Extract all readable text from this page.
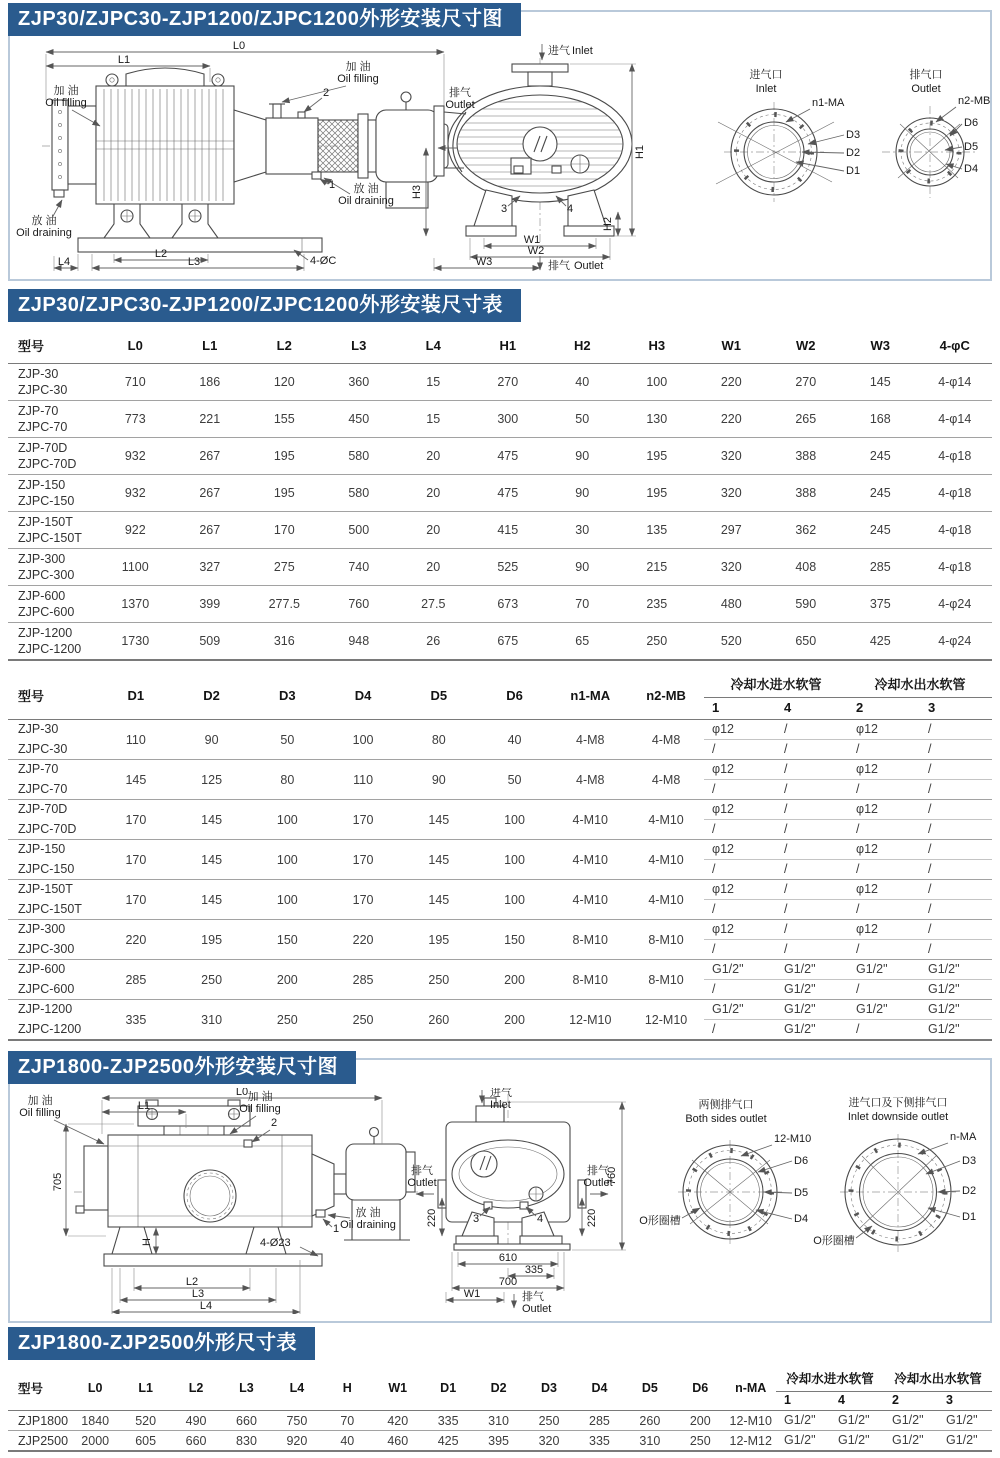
ZJP30/ZJPC30-ZJP1200/ZJPC1200外形安装尺寸图
L0
L1
加 油
Oil filling
加 油
Oil filling
2
放 油
Oil draining
放 油
Oil draining
1
L2
L3
L4	4-ØC
进气 Inlet
排气
Outlet
H3
H1
H2
3	4
W1
W2
W3	排气 Outlet
进气口
Inlet
n1-MA
D3
D2
D1
排气口
Outlet
n2-MB
D6
D5
D4
ZJP30/ZJPC30-ZJP1200/ZJPC1200外形安装尺寸表
型号	L0	L1	L2	L3	L4	H1	H2	H3	W1	W2	W3	4-φC

ZJP-30
ZJPC-30	710	186	120	360	15	270	40	100	220	270	145	4-φ14

ZJP-70
ZJPC-70	773	221	155	450	15	300	50	130	220	265	168	4-φ14

ZJP-70D
ZJPC-70D	932	267	195	580	20	475	90	195	320	388	245	4-φ18

ZJP-150
ZJPC-150	932	267	195	580	20	475	90	195	320	388	245	4-φ18

ZJP-150T
ZJPC-150T	922	267	170	500	20	415	30	135	297	362	245	4-φ18

ZJP-300
ZJPC-300	1100	327	275	740	20	525	90	215	320	408	285	4-φ18

ZJP-600
ZJPC-600	1370	399	277.5	760	27.5	673	70	235	480	590	375	4-φ24

ZJP-1200
ZJPC-1200	1730	509	316	948	26	675	65	250	520	650	425	4-φ24
型号	D1	D2	D3	D4	D5	D6	n1-MA	n2-MB	冷却水进水软管		冷却水出水软管	
									1	4	2	3
ZJP-30	110	90	50	100	80	40	4-M8	4-M8	φ12	/	φ12	/
ZJPC-30									/	/	/	/
ZJP-70	145	125	80	110	90	50	4-M8	4-M8	φ12	/	φ12	/
ZJPC-70									/	/	/	/
ZJP-70D	170	145	100	170	145	100	4-M10	4-M10	φ12	/	φ12	/
ZJPC-70D									/	/	/	/
ZJP-150	170	145	100	170	145	100	4-M10	4-M10	φ12	/	φ12	/
ZJPC-150									/	/	/	/
ZJP-150T	170	145	100	170	145	100	4-M10	4-M10	φ12	/	φ12	/
ZJPC-150T									/	/	/	/
ZJP-300	220	195	150	220	195	150	8-M10	8-M10	φ12	/	φ12	/
ZJPC-300									/	/	/	/
ZJP-600	285	250	200	285	250	200	8-M10	8-M10	G1/2"	G1/2"	G1/2"	G1/2"
ZJPC-600									/	G1/2"	/	G1/2"
ZJP-1200	335	310	250	250	260	200	12-M10	12-M10	G1/2"	G1/2"	G1/2"	G1/2"
ZJPC-1200									/	G1/2"	/	G1/2"
ZJP1800-ZJP2500外形安装尺寸图
L0
L1
705
加 油
Oil filling
加 油
Oil filling
2
放 油
Oil draining
1
H	4-Ø23
L2
L3
L4
进气
Inlet
排气
Outlet
排气
Outlet
220	220
760
3	4
610
335
700
W1	排气
Outlet
两侧排气口
Both sides outlet
12-M10
D6
D5
D4
O形圈槽
进气口及下侧排气口
Inlet downside outlet
n-MA
D3
D2
D1
O形圈槽
ZJP1800-ZJP2500外形尺寸表
型号	L0	L1	L2	L3	L4	H	W1	D1	D2	D3	D4	D5	D6	n-MA	冷却水进水软管		冷却水出水软管	
															1	4	2	3
ZJP1800	1840	520	490	660	750	70	420	335	310	250	285	260	200	12-M10	G1/2"	G1/2"	G1/2"	G1/2"
ZJP2500	2000	605	660	830	920	40	460	425	395	320	335	310	250	12-M12	G1/2"	G1/2"	G1/2"	G1/2"
